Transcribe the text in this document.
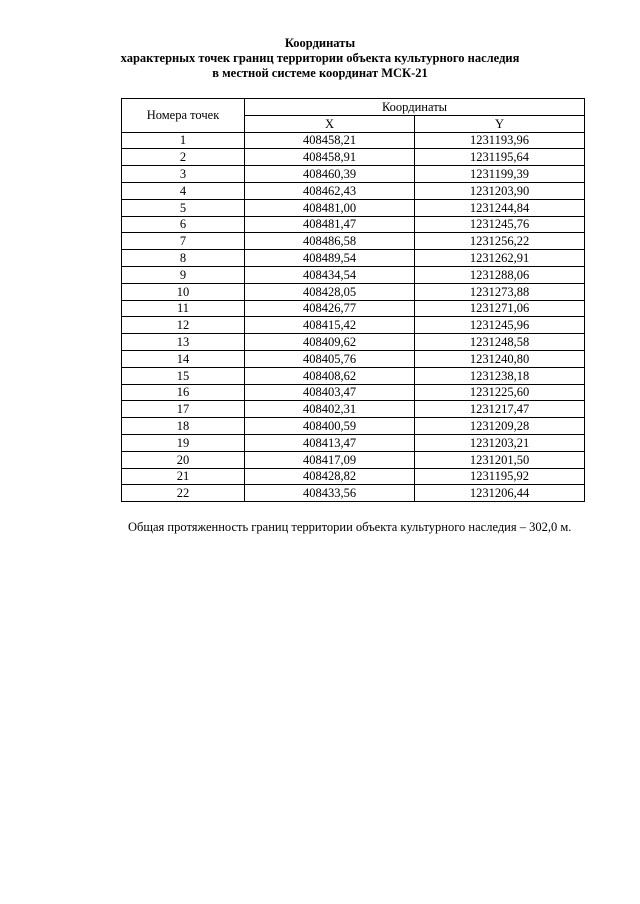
Координаты
характерных точек границ территории объекта культурного наследия
в местной системе координат МСК-21
Номера точек	Координаты	
	X	Y
1	408458,21	1231193,96
2	408458,91	1231195,64
3	408460,39	1231199,39
4	408462,43	1231203,90
5	408481,00	1231244,84
6	408481,47	1231245,76
7	408486,58	1231256,22
8	408489,54	1231262,91
9	408434,54	1231288,06
10	408428,05	1231273,88
11	408426,77	1231271,06
12	408415,42	1231245,96
13	408409,62	1231248,58
14	408405,76	1231240,80
15	408408,62	1231238,18
16	408403,47	1231225,60
17	408402,31	1231217,47
18	408400,59	1231209,28
19	408413,47	1231203,21
20	408417,09	1231201,50
21	408428,82	1231195,92
22	408433,56	1231206,44

Общая протяженность границ территории объекта культурного наследия – 302,0 м.
